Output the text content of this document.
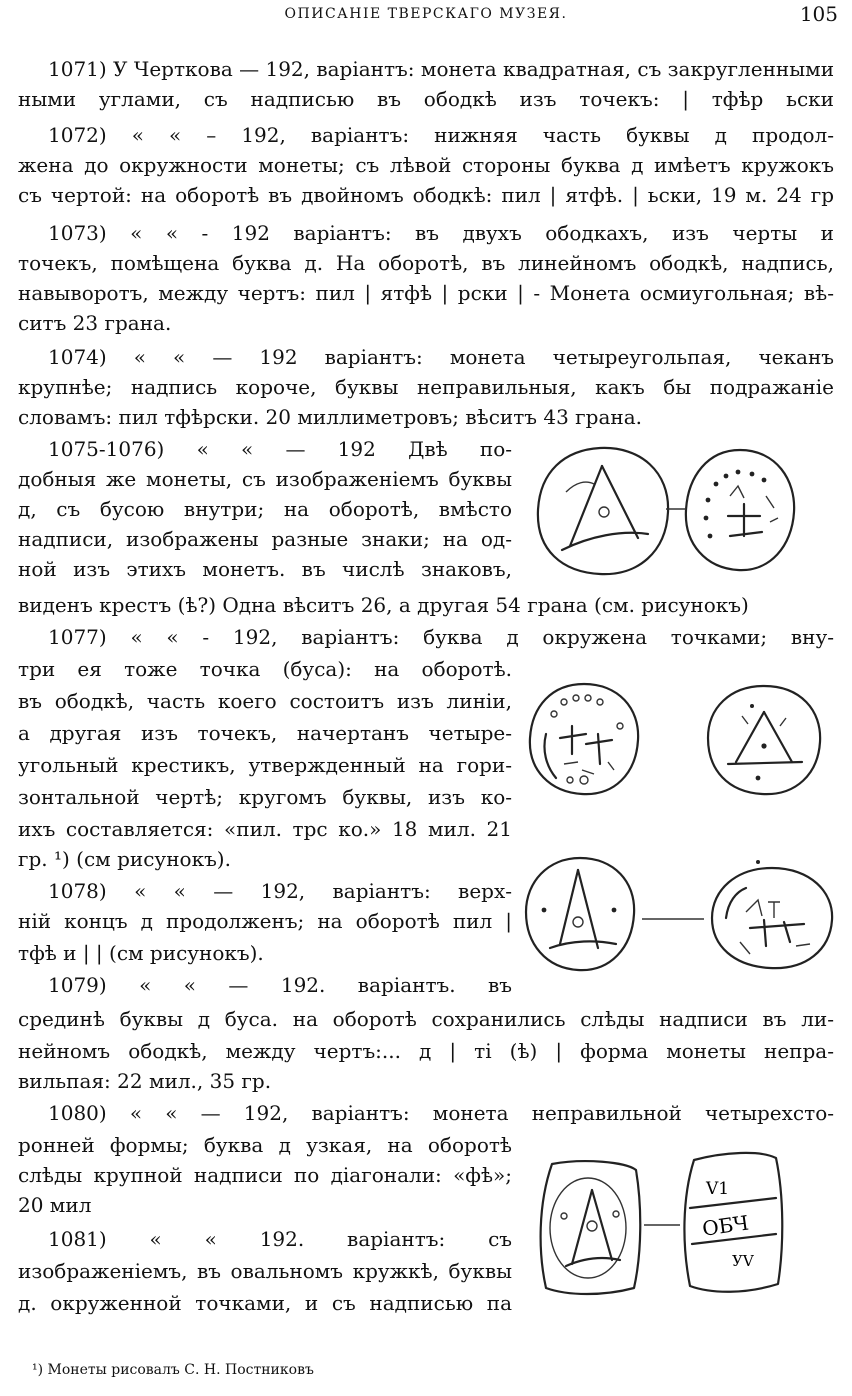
ОПИСАНІЕ ТВЕРСКАГО МУЗЕЯ.	105
1071) У Черткова — 192, варіантъ: монета квадратная, съ закругленными
ными углами, съ надписью въ ободкѣ изъ точекъ: | тфѣр ьски
1072) « « – 192, варіантъ: нижняя часть буквы д продол-
жена до окружности монеты; съ лѣвой стороны буква д имѣетъ кружокъ
съ чертой: на оборотѣ въ двойномъ ободкѣ: пил | ятфѣ. | ьски, 19 м. 24 гр
1073) « « - 192 варіантъ: въ двухъ ободкахъ, изъ черты и
точекъ, помѣщена буква д. На оборотѣ, въ линейномъ ободкѣ, надпись,
навыворотъ, между чертъ: пил | ятфѣ | рски | - Монета осмиугольная; вѣ-
ситъ 23 грана.
1074) « « — 192 варіантъ: монета четыреугольпая, чеканъ
крупнѣе; надпись короче, буквы неправильныя, какъ бы подражаніе
словамъ: пил тфѣрски. 20 миллиметровъ; вѣситъ 43 грана.
1075-1076) « « — 192 Двѣ по-
добныя же монеты, съ изображеніемъ буквы
д, съ бусою внутри; на оборотѣ, вмѣсто
надписи, изображены разные знаки; на од-
ной изъ этихъ монетъ. въ числѣ знаковъ,
виденъ крестъ (ѣ?) Одна вѣситъ 26, а другая 54 грана (см. рисунокъ)
1077) « « - 192, варіантъ: буква д окружена точками; вну-
три ея тоже точка (буса): на оборотѣ.
въ ободкѣ, часть коего состоитъ изъ линіи,
а другая изъ точекъ, начертанъ четыре-
угольный крестикъ, утвержденный на гори-
зонтальной чертѣ; кругомъ буквы, изъ ко-
ихъ составляется: «пил. трс ко.» 18 мил. 21
гр. ¹) (см рисунокъ).
1078) « « — 192, варіантъ: верх-
ній концъ д продолженъ; на оборотѣ пил |
тфѣ и | | (см рисунокъ).
1079) « « — 192. варіантъ. въ
срединѣ буквы д буса. на оборотѣ сохранились слѣды надписи въ ли-
нейномъ ободкѣ, между чертъ:... д | ті (ѣ) | форма монеты непра-
вильпая: 22 мил., 35 гр.
1080) « « — 192, варіантъ: монета неправильной четырехсто-
ронней формы; буква д узкая, на оборотѣ
слѣды крупной надписи по діагонали: «фѣ»;
20 мил
1081) « « 192. варіантъ: съ
изображеніемъ, въ овальномъ кружкѣ, буквы
д. окруженной точками, и съ надписью па
¹) Монеты рисовалъ С. Н. Постниковъ
V1
ОБЧ
УV
